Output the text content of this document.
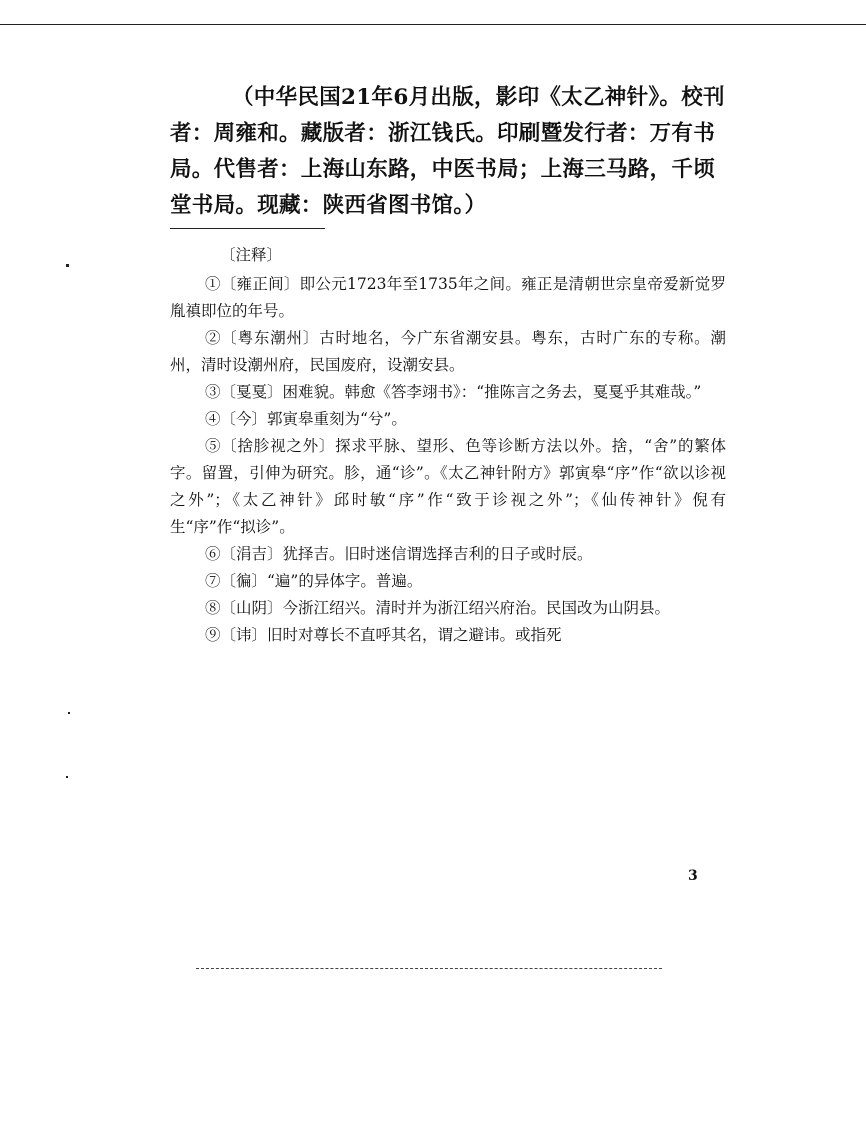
（中华民国21年6月出版，影印《太乙神针》。校刊者：周雍和。藏版者：浙江钱氏。印刷暨发行者：万有书局。代售者：上海山东路，中医书局；上海三马路，千顷堂书局。现藏：陕西省图书馆。）

〔注释〕

①〔雍正间〕即公元1723年至1735年之间。雍正是清朝世宗皇帝爱新觉罗胤禛即位的年号。

②〔粤东潮州〕古时地名，今广东省潮安县。粤东，古时广东的专称。潮州，清时设潮州府，民国废府，设潮安县。

③〔戛戛〕困难貌。韩愈《答李翊书》：“推陈言之务去，戛戛乎其难哉。”

④〔今〕郭寅皋重刻为“兮”。

⑤〔捨胗视之外〕探求平脉、望形、色等诊断方法以外。捨，“舍”的繁体字。留置，引伸为研究。胗，通“诊”。《太乙神针附方》郭寅皋“序”作“欲以诊视之外”；《太乙神针》邱时敏“序”作“致于诊视之外”；《仙传神针》倪有生“序”作“拟诊”。

⑥〔涓吉〕犹择吉。旧时迷信谓选择吉利的日子或时辰。

⑦〔徧〕“遍”的异体字。普遍。

⑧〔山阴〕今浙江绍兴。清时并为浙江绍兴府治。民国改为山阴县。

⑨〔讳〕旧时对尊长不直呼其名，谓之避讳。或指死

3
